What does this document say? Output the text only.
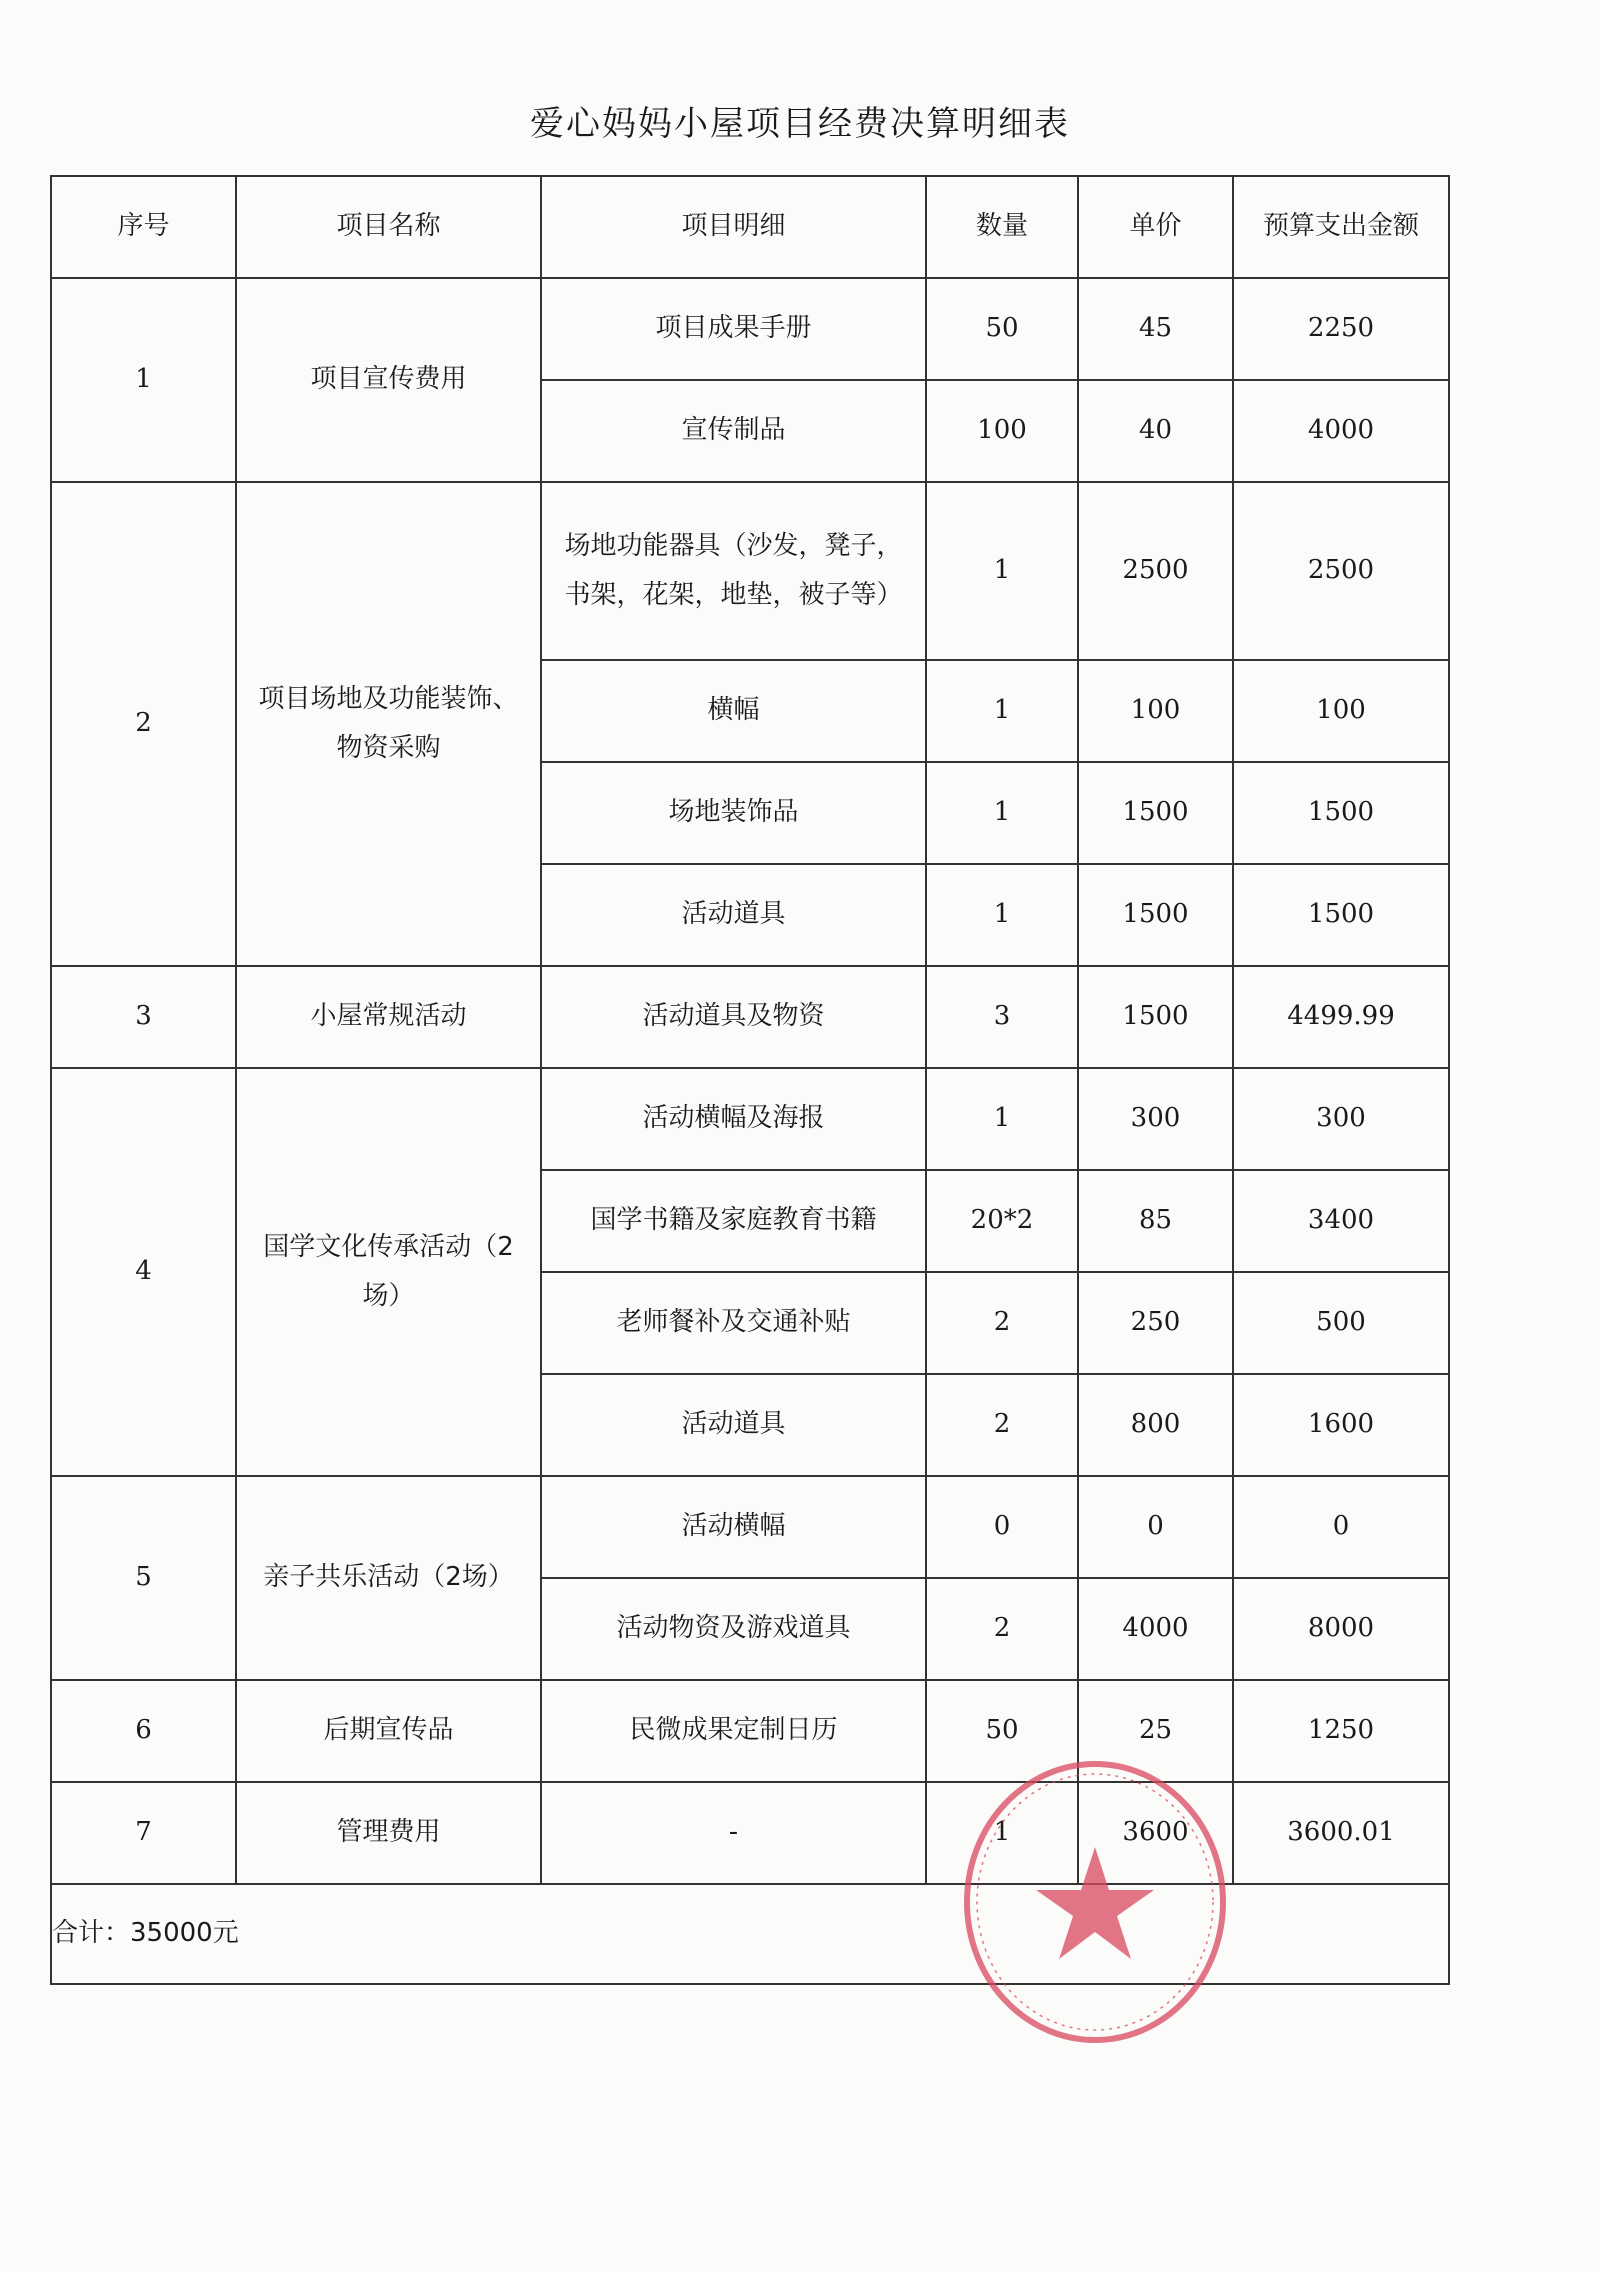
爱心妈妈小屋项目经费决算明细表
序号	项目名称	项目明细	数量	单价	预算支出金额
1	项目宣传费用	项目成果手册	50	45	2250
		宣传制品	100	40	4000
2	项目场地及功能装饰、物资采购	场地功能器具（沙发，凳子，书架，花架，地垫，被子等）	1	2500	2500
		横幅	1	100	100
		场地装饰品	1	1500	1500
		活动道具	1	1500	1500
3	小屋常规活动	活动道具及物资	3	1500	4499.99
4	国学文化传承活动（2场）	活动横幅及海报	1	300	300
		国学书籍及家庭教育书籍	20*2	85	3400
		老师餐补及交通补贴	2	250	500
		活动道具	2	800	1600
5	亲子共乐活动（2场）	活动横幅	0	0	0
		活动物资及游戏道具	2	4000	8000
6	后期宣传品	民微成果定制日历	50	25	1250
7	管理费用	-	1	3600	3600.01
合计：35000元					
